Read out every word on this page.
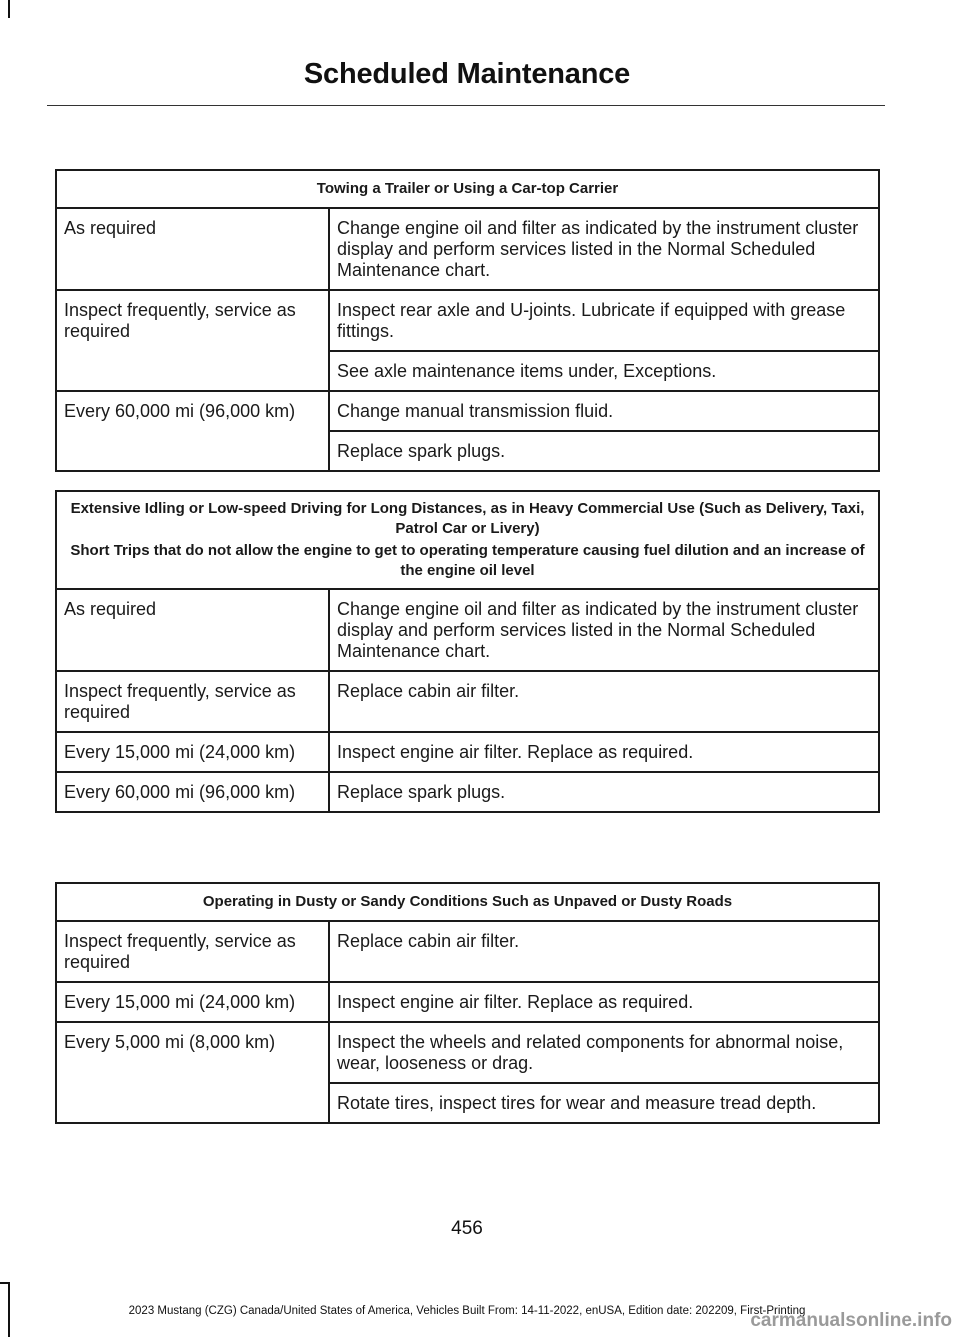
Scheduled Maintenance
Towing a Trailer or Using a Car-top Carrier	

As required	Change engine oil and filter as indicated by the instrument cluster display and perform services listed in the Normal Scheduled Maintenance chart.
Inspect frequently, service as required	Inspect rear axle and U-joints. Lubricate if equipped with grease fittings.
	See axle maintenance items under, Exceptions.
Every 60,000 mi (96,000 km)	Change manual transmission fluid.
	Replace spark plugs.
Extensive Idling or Low-speed Driving for Long Distances, as in Heavy Commercial Use (Such as Delivery, Taxi, Patrol Car or Livery)
Short Trips that do not allow the engine to get to operating temperature causing fuel dilution and an increase of the engine oil level	

As required	Change engine oil and filter as indicated by the instrument cluster display and perform services listed in the Normal Scheduled Maintenance chart.
Inspect frequently, service as required	Replace cabin air filter.
Every 15,000 mi (24,000 km)	Inspect engine air filter. Replace as required.
Every 60,000 mi (96,000 km)	Replace spark plugs.
Operating in Dusty or Sandy Conditions Such as Unpaved or Dusty Roads	

Inspect frequently, service as required	Replace cabin air filter.
Every 15,000 mi (24,000 km)	Inspect engine air filter. Replace as required.
Every 5,000 mi (8,000 km)	Inspect the wheels and related components for abnormal noise, wear, looseness or drag.
	Rotate tires, inspect tires for wear and measure tread depth.
456
2023 Mustang (CZG) Canada/United States of America, Vehicles Built From: 14-11-2022, enUSA, Edition date: 202209, First-Printing
carmanualsonline.info
